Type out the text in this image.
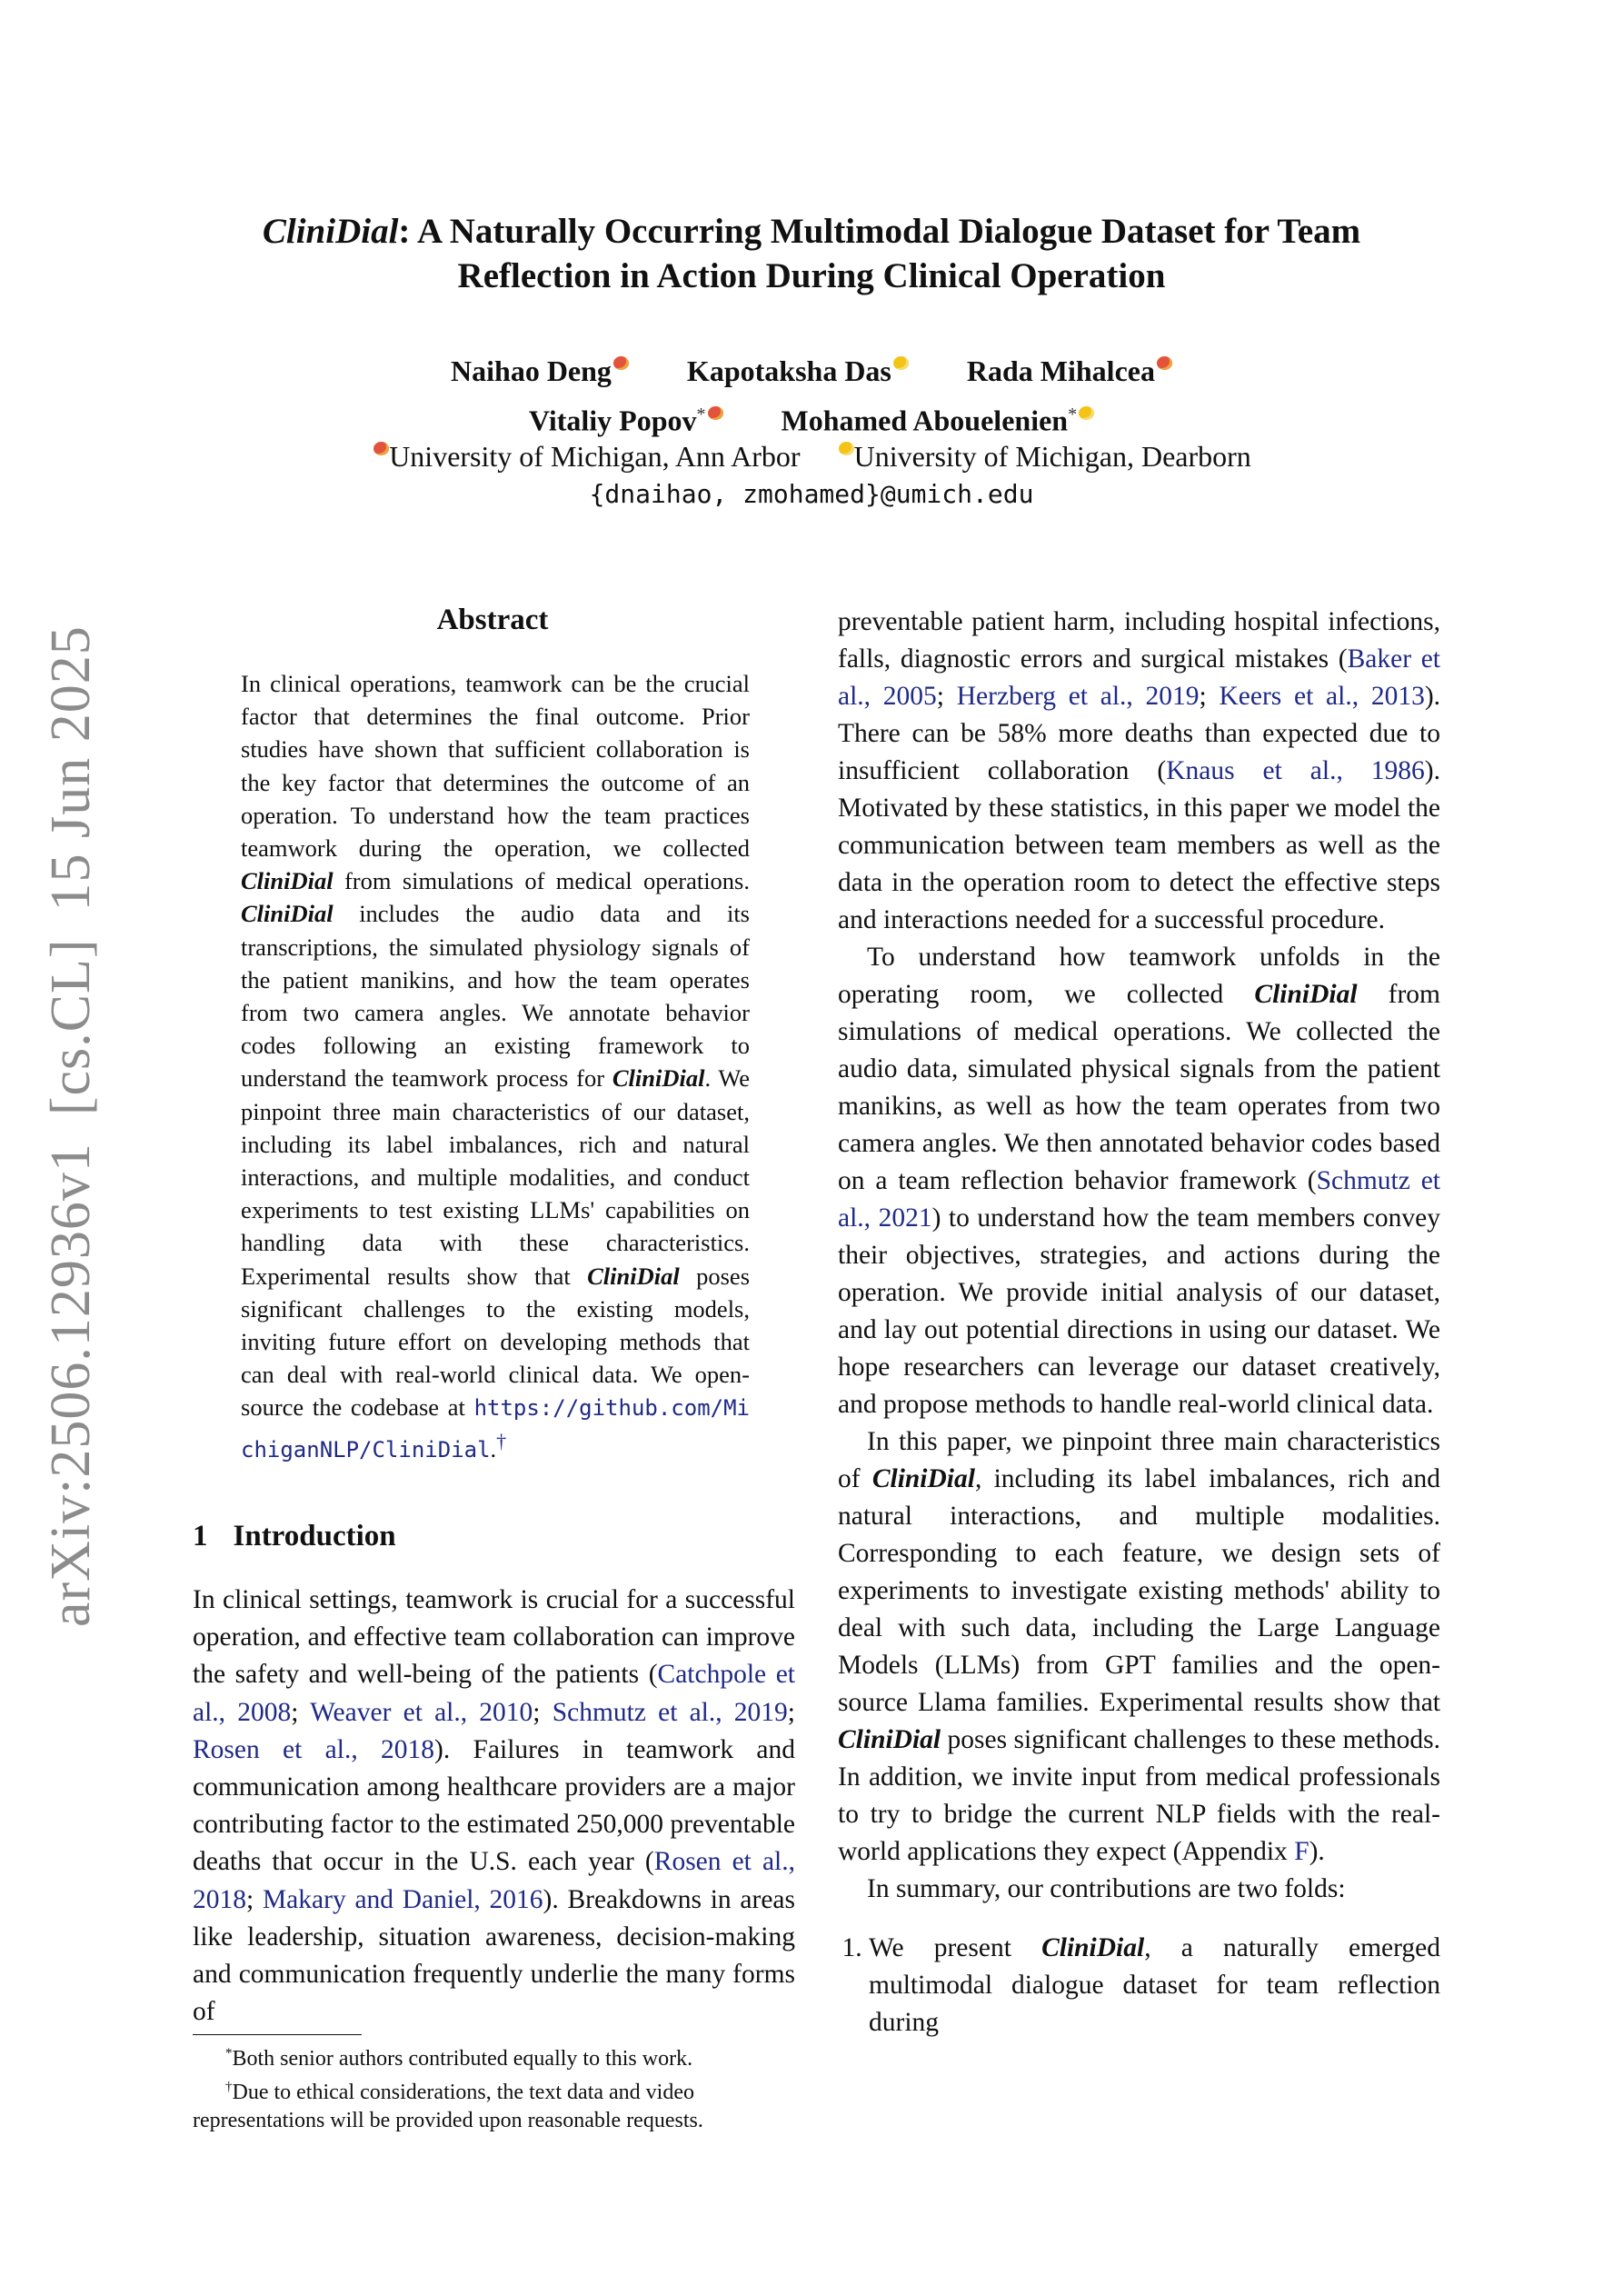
arXiv:2506.12936v1
[cs.CL]
15 Jun 2025
CliniDial: A Naturally Occurring Multimodal Dialogue Dataset for Team
Reflection in Action During Clinical Operation
Naihao Deng	Kapotaksha Das	Rada Mihalcea
Vitaliy Popov*	Mohamed Abouelenien*
University of Michigan, Ann Arbor University of Michigan, Dearborn
{dnaihao, zmohamed}@umich.edu
Abstract

In clinical operations, teamwork can be the crucial factor that determines the final outcome. Prior studies have shown that sufficient collaboration is the key factor that determines the outcome of an operation. To understand how the team practices teamwork during the operation, we collected CliniDial from simulations of medical operations. CliniDial includes the audio data and its transcriptions, the simulated physiology signals of the patient manikins, and how the team operates from two camera angles. We annotate behavior codes following an existing framework to understand the teamwork process for CliniDial. We pinpoint three main characteristics of our dataset, including its label imbalances, rich and natural interactions, and multiple modalities, and conduct experiments to test existing LLMs' capabilities on handling data with these characteristics. Experimental results show that CliniDial poses significant challenges to the existing models, inviting future effort on developing methods that can deal with real-world clinical data. We open-source the codebase at https://github.com/MichiganNLP/CliniDial.†

1 Introduction

In clinical settings, teamwork is crucial for a successful operation, and effective team collaboration can improve the safety and well-being of the patients (Catchpole et al., 2008; Weaver et al., 2010; Schmutz et al., 2019; Rosen et al., 2018). Failures in teamwork and communication among healthcare providers are a major contributing factor to the estimated 250,000 preventable deaths that occur in the U.S. each year (Rosen et al., 2018; Makary and Daniel, 2016). Breakdowns in areas like leadership, situation awareness, decision-making and communication frequently underlie the many forms of

*Both senior authors contributed equally to this work.

†Due to ethical considerations, the text data and video representations will be provided upon reasonable requests.

preventable patient harm, including hospital infections, falls, diagnostic errors and surgical mistakes (Baker et al., 2005; Herzberg et al., 2019; Keers et al., 2013). There can be 58% more deaths than expected due to insufficient collaboration (Knaus et al., 1986). Motivated by these statistics, in this paper we model the communication between team members as well as the data in the operation room to detect the effective steps and interactions needed for a successful procedure.

To understand how teamwork unfolds in the operating room, we collected CliniDial from simulations of medical operations. We collected the audio data, simulated physical signals from the patient manikins, as well as how the team operates from two camera angles. We then annotated behavior codes based on a team reflection behavior framework (Schmutz et al., 2021) to understand how the team members convey their objectives, strategies, and actions during the operation. We provide initial analysis of our dataset, and lay out potential directions in using our dataset. We hope researchers can leverage our dataset creatively, and propose methods to handle real-world clinical data.

In this paper, we pinpoint three main characteristics of CliniDial, including its label imbalances, rich and natural interactions, and multiple modalities. Corresponding to each feature, we design sets of experiments to investigate existing methods' ability to deal with such data, including the Large Language Models (LLMs) from GPT families and the open-source Llama families. Experimental results show that CliniDial poses significant challenges to these methods. In addition, we invite input from medical professionals to try to bridge the current NLP fields with the real-world applications they expect (Appendix F).

In summary, our contributions are two folds:

1. We present CliniDial, a naturally emerged multimodal dialogue dataset for team reflection during
